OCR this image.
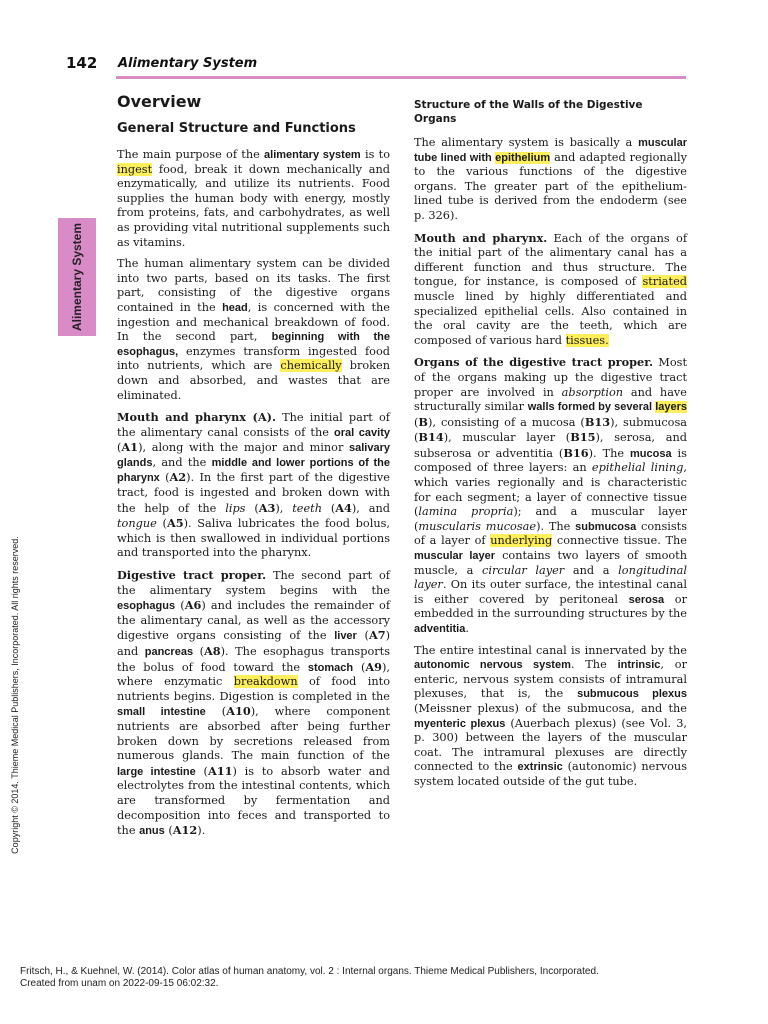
142 Alimentary System
Alimentary System
Copyright © 2014. Thieme Medical Publishers, Incorporated. All rights reserved.
Overview
General Structure and Functions

The main purpose of the alimentary system is to ingest food, break it down mechanically and enzymatically, and utilize its nutrients. Food supplies the human body with energy, mostly from proteins, fats, and carbohydrates, as well as providing vital nutritional supplements such as vitamins.

The human alimentary system can be divided into two parts, based on its tasks. The first part, consisting of the digestive organs contained in the head, is concerned with the ingestion and mechanical breakdown of food. In the second part, beginning with the esophagus, enzymes transform ingested food into nutrients, which are chemically broken down and absorbed, and wastes that are eliminated.

Mouth and pharynx (A). The initial part of the alimentary canal consists of the oral cavity (A1), along with the major and minor salivary glands, and the middle and lower portions of the pharynx (A2). In the first part of the digestive tract, food is ingested and broken down with the help of the lips (A3), teeth (A4), and tongue (A5). Saliva lubricates the food bolus, which is then swallowed in individual portions and transported into the pharynx.

Digestive tract proper. The second part of the alimentary system begins with the esophagus (A6) and includes the remainder of the alimentary canal, as well as the accessory digestive organs consisting of the liver (A7) and pancreas (A8). The esophagus transports the bolus of food toward the stomach (A9), where enzymatic breakdown of food into nutrients begins. Digestion is completed in the small intestine (A10), where component nutrients are absorbed after being further broken down by secretions released from numerous glands. The main function of the large intestine (A11) is to absorb water and electrolytes from the intestinal contents, which are transformed by fermentation and decomposition into feces and transported to the anus (A12).

Structure of the Walls of the Digestive Organs

The alimentary system is basically a muscular tube lined with epithelium and adapted regionally to the various functions of the digestive organs. The greater part of the epithelium-lined tube is derived from the endoderm (see p. 326).

Mouth and pharynx. Each of the organs of the initial part of the alimentary canal has a different function and thus structure. The tongue, for instance, is composed of striated muscle lined by highly differentiated and specialized epithelial cells. Also contained in the oral cavity are the teeth, which are composed of various hard tissues.

Organs of the digestive tract proper. Most of the organs making up the digestive tract proper are involved in absorption and have structurally similar walls formed by several layers (B), consisting of a mucosa (B13), submucosa (B14), muscular layer (B15), serosa, and subserosa or adventitia (B16). The mucosa is composed of three layers: an epithelial lining, which varies regionally and is characteristic for each segment; a layer of connective tissue (lamina propria); and a muscular layer (muscularis mucosae). The submucosa consists of a layer of underlying connective tissue. The muscular layer contains two layers of smooth muscle, a circular layer and a longitudinal layer. On its outer surface, the intestinal canal is either covered by peritoneal serosa or embedded in the surrounding structures by the adventitia.

The entire intestinal canal is innervated by the autonomic nervous system. The intrinsic, or enteric, nervous system consists of intramural plexuses, that is, the submucous plexus (Meissner plexus) of the submucosa, and the myenteric plexus (Auerbach plexus) (see Vol. 3, p. 300) between the layers of the muscular coat. The intramural plexuses are directly connected to the extrinsic (autonomic) nervous system located outside of the gut tube.

Fritsch, H., & Kuehnel, W. (2014). Color atlas of human anatomy, vol. 2 : Internal organs. Thieme Medical Publishers, Incorporated.
Created from unam on 2022-09-15 06:02:32.
